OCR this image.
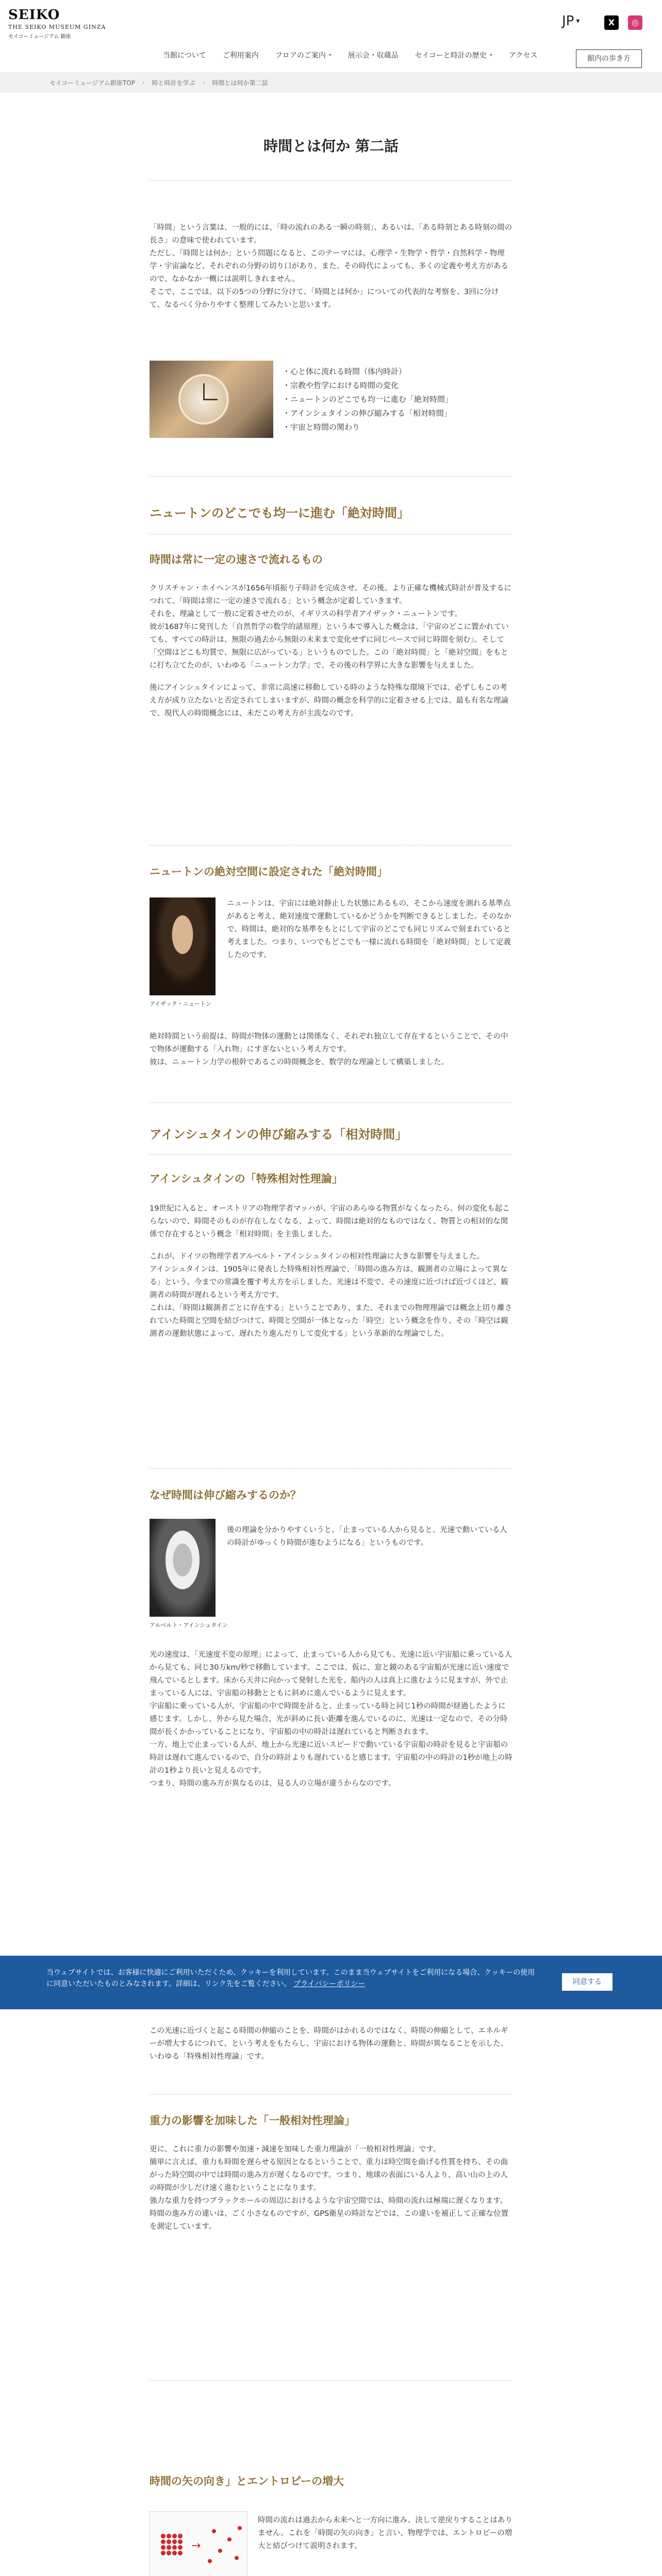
SEIKO
THE SEIKO MUSEUM GINZA
セイコーミュージアム 銀座
JP ▾	X	◎
当館について ご利用案内 フロアのご案内 ▾ 展示会・収蔵品 セイコーと時計の歴史 ▾ アクセス	館内の歩き方
セイコーミュージアム銀座TOP › 時と時計を学ぶ › 時間とは何か第二話
時間とは何か 第二話

「時間」という言葉は、一般的には、「時の流れのある一瞬の時刻」、あるいは、「ある時刻とある時刻の間の長さ」の意味で使われています。

ただし、「時間とは何か」という問題になると、このテーマには、心理学・生物学・哲学・自然科学・物理学・宇宙論など、それぞれの分野の切り口があり、また、その時代によっても、多くの定義や考え方があるので、なかなか一概には説明しきれません。

そこで、ここでは、以下の5つの分野に分けて、「時間とは何か」についての代表的な考察を、3回に分けて、なるべく分かりやすく整理してみたいと思います。

・ 心と体に流れる時間（体内時計）
・ 宗教や哲学における時間の変化
・ ニュートンのどこでも均一に進む「絶対時間」
・ アインシュタインの伸び縮みする「相対時間」
・ 宇宙と時間の関わり
ニュートンのどこでも均一に進む「絶対時間」
時間は常に一定の速さで流れるもの

クリスチャン・ホイヘンスが1656年頃振り子時計を完成させ、その後、より正確な機械式時計が普及するにつれて、「時間は常に一定の速さで流れる」という概念が定着していきます。

それを、理論として一般に定着させたのが、イギリスの科学者アイザック・ニュートンです。

彼が1687年に発刊した「自然哲学の数学的諸原理」という本で導入した概念は、「宇宙のどこに置かれていても、すべての時計は、無限の過去から無限の未来まで変化せずに同じペースで同じ時間を刻む」、そして「空間はどこも均質で、無限に広がっている」というものでした。この「絶対時間」と「絶対空間」をもとに打ち立てたのが、いわゆる「ニュートン力学」で、その後の科学界に大きな影響を与えました。

後にアインシュタインによって、非常に高速に移動している時のような特殊な環境下では、必ずしもこの考え方が成り立たないと否定されてしまいますが、時間の概念を科学的に定着させる上では、最も有名な理論で、現代人の時間概念には、未だこの考え方が主流なのです。

ニュートンの絶対空間に設定された「絶対時間」
アイザック・ニュートン

ニュートンは、宇宙には絶対静止した状態にあるもの、そこから速度を測れる基準点があると考え、絶対速度で運動しているかどうかを判断できるとしました。そのなかで、時間は、絶対的な基準をもとにして宇宙のどこでも同じリズムで刻まれていると考えました。つまり、いつでもどこでも一様に流れる時間を「絶対時間」として定義したのです。

絶対時間という前提は、時間が物体の運動とは関係なく、それぞれ独立して存在するということで、その中で物体が運動する「入れ物」にすぎないという考え方です。

彼は、ニュートン力学の根幹であるこの時間概念を、数学的な理論として構築しました。

アインシュタインの伸び縮みする「相対時間」
アインシュタインの「特殊相対性理論」

19世紀に入ると、オーストリアの物理学者マッハが、宇宙のあらゆる物質がなくなったら、何の変化も起こらないので、時間そのものが存在しなくなる、よって、時間は絶対的なものではなく、物質との相対的な関係で存在するという概念「相対時間」を主張しました。

これが、ドイツの物理学者アルベルト・アインシュタインの相対性理論に大きな影響を与えました。

アインシュタインは、1905年に発表した特殊相対性理論で、「時間の進み方は、観測者の立場によって異なる」という、今までの常識を覆す考え方を示しました。光速は不変で、その速度に近づけば近づくほど、観測者の時間が遅れるという考え方です。

これは、「時間は観測者ごとに存在する」ということであり、また、それまでの物理理論では概念上切り離されていた時間と空間を結びつけて、時間と空間が一体となった「時空」という概念を作り、その「時空は観測者の運動状態によって、遅れたり進んだりして変化する」という革新的な理論でした。

なぜ時間は伸び縮みするのか？
アルベルト・アインシュタイン

後の理論を分かりやすくいうと、「止まっている人から見ると、光速で動いている人の時計がゆっくり時間が進むようになる」というものです。

光の速度は、「光速度不変の原理」によって、止まっている人から見ても、光速に近い宇宙船に乗っている人から見ても、同じ30万km/秒で移動しています。ここでは、仮に、窓と鏡のある宇宙船が光速に近い速度で飛んでいるとします。床から天井に向かって発射した光を、船内の人は真上に進むように見ますが、外で止まっている人には、宇宙船の移動とともに斜めに進んでいるように見えます。

宇宙船に乗っている人が、宇宙船の中で時間を計ると、止まっている時と同じ1秒の時間が経過したように感じます。しかし、外から見た場合、光が斜めに長い距離を進んでいるのに、光速は一定なので、その分時間が長くかかっていることになり、宇宙船の中の時計は遅れていると判断されます。

一方、地上で止まっている人が、地上から光速に近いスピードで動いている宇宙船の時計を見ると宇宙船の時計は遅れて進んでいるので、自分の時計よりも遅れていると感じます。宇宙船の中の時計の1秒が地上の時計の1秒より長いと見えるのです。

つまり、時間の進み方が異なるのは、見る人の立場が違うからなのです。

当ウェブサイトでは、お客様に快適にご利用いただくため、クッキーを利用しています。このまま当ウェブサイトをご利用になる場合、クッキーの使用に同意いただいたものとみなされます。詳細は、リンク先をご覧ください。 プライバシーポリシー	同意する

この光速に近づくと起こる時間の伸縮のことを、時間がはかれるのではなく、時間の伸縮として、エネルギーが増大するにつれて、という考えをもたらし、宇宙における物体の運動と、時間が異なることを示した、いわゆる「特殊相対性理論」です。

重力の影響を加味した「一般相対性理論」

更に、これに重力の影響や加速・減速を加味した重力理論が「一般相対性理論」です。

簡単に言えば、重力も時間を遅らせる原因となるということで、重力は時空間を曲げる性質を持ち、その曲がった時空間の中では時間の進み方が遅くなるのです。つまり、地球の表面にいる人より、高い山の上の人の時間が少しだけ速く進むということになります。

強力な重力を持つブラックホールの周辺におけるような宇宙空間では、時間の流れは極端に遅くなります。

時間の進み方の違いは、ごく小さなものですが、GPS衛星の時計などでは、この違いを補正して正確な位置を測定しています。

時間の矢の向き」とエントロピーの増大
→

時間の流れは過去から未来へと一方向に進み、決して逆戻りすることはありません。これを「時間の矢の向き」と言い、物理学では、エントロピーの増大と結びつけて説明されます。
